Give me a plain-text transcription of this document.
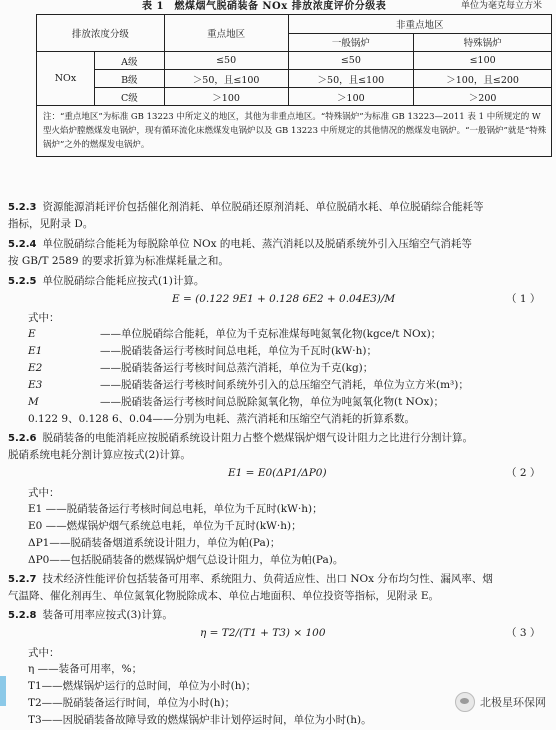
表 1　燃煤烟气脱硝装备 NOx 排放浓度评价分级表	单位为毫克每立方米
排放浓度分级		重点地区	非重点地区	
			一般锅炉	特殊锅炉
NOx	A级	≤50	≤50	≤100
	B级	＞50，且≤100	＞50，且≤100	＞100，且≤200
	C级	＞100	＞100	＞200
注：“重点地区”为标准 GB 13223 中所定义的地区，其他为非重点地区。“特殊锅炉”为标准 GB 13223—2011 表 1 中所规定的 W 型火焰炉膛燃煤发电锅炉，现有循环流化床燃煤发电锅炉以及 GB 13223 中所规定的其他情况的燃煤发电锅炉。“一般锅炉”就是“特殊锅炉”之外的燃煤发电锅炉。				
5.2.3 资源能源消耗评价包括催化剂消耗、单位脱硝还原剂消耗、单位脱硝水耗、单位脱硝综合能耗等
指标，见附录 D。
5.2.4 单位脱硝综合能耗为每脱除单位 NOx 的电耗、蒸汽消耗以及脱硝系统外引入压缩空气消耗等
按 GB/T 2589 的要求折算为标准煤耗量之和。
5.2.5 单位脱硝综合能耗应按式(1)计算。
E = (0.122 9E1 + 0.128 6E2 + 0.04E3)/M	（ 1 ）
式中：
E	——单位脱硝综合能耗，单位为千克标准煤每吨氮氧化物(kgce/t NOx)；
E1	——脱硝装备运行考核时间总电耗，单位为千瓦时(kW·h)；
E2	——脱硝装备运行考核时间总蒸汽消耗，单位为千克(kg)；
E3	——脱硝装备运行考核时间系统外引入的总压缩空气消耗，单位为立方米(m³)；
M	——脱硝装备运行考核时间总脱除氮氧化物，单位为吨氮氧化物(t NOx)；
0.122 9、0.128 6、0.04——分别为电耗、蒸汽消耗和压缩空气消耗的折算系数。
5.2.6 脱硝装备的电能消耗应按脱硝系统设计阻力占整个燃煤锅炉烟气设计阻力之比进行分割计算。
脱硝系统电耗分割计算应按式(2)计算。
E1 = E0(ΔP1/ΔP0)	（ 2 ）
式中：
E1 ——脱硝装备运行考核时间总电耗，单位为千瓦时(kW·h)；
E0 ——燃煤锅炉烟气系统总电耗，单位为千瓦时(kW·h)；
ΔP1——脱硝装备烟道系统设计阻力，单位为帕(Pa)；
ΔP0——包括脱硝装备的燃煤锅炉烟气总设计阻力，单位为帕(Pa)。
5.2.7 技术经济性能评价包括装备可用率、系统阻力、负荷适应性、出口 NOx 分布均匀性、漏风率、烟
气温降、催化剂再生、单位氮氧化物脱除成本、单位占地面积、单位投资等指标，见附录 E。
5.2.8 装备可用率应按式(3)计算。
η = T2/(T1 + T3) × 100	（ 3 ）
式中：
η ——装备可用率，%；
T1——燃煤锅炉运行的总时间，单位为小时(h)；
T2——脱硝装备运行时间，单位为小时(h)；
T3——因脱硝装备故障导致的燃煤锅炉非计划停运时间，单位为小时(h)。
北极星环保网
